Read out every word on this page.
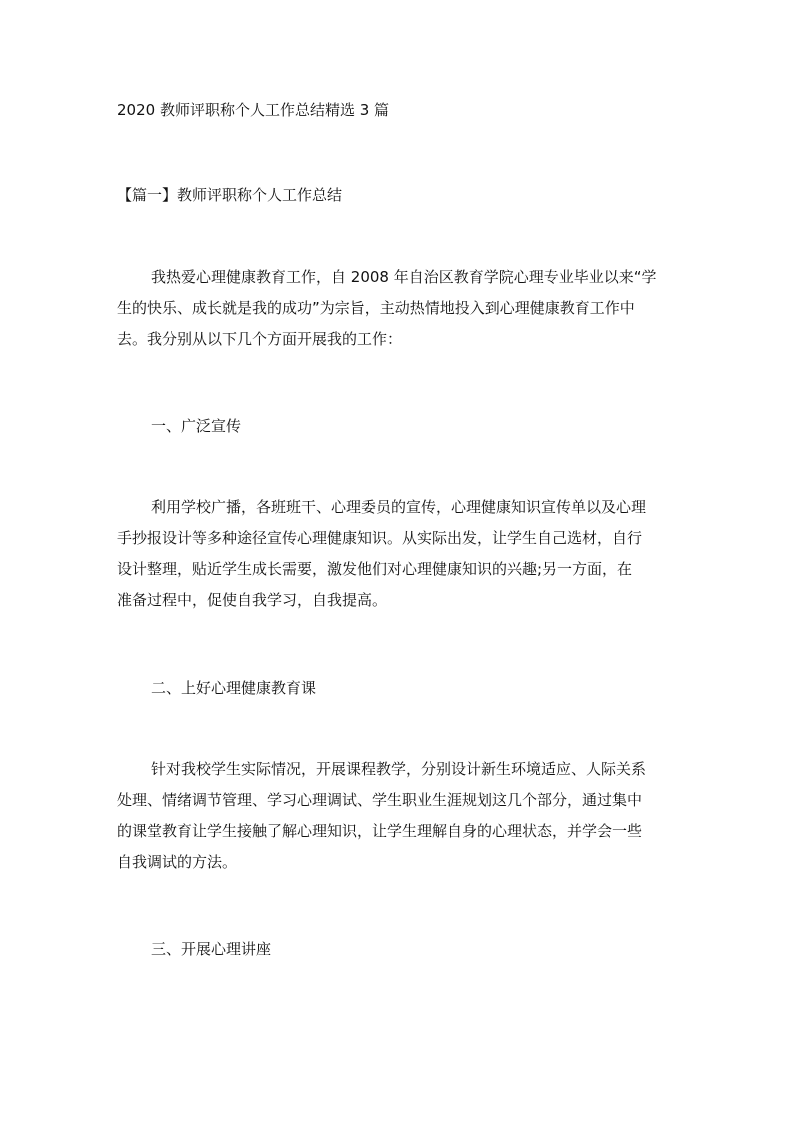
2020 教师评职称个人工作总结精选 3 篇
【篇一】教师评职称个人工作总结
我热爱心理健康教育工作，自 2008 年自治区教育学院心理专业毕业以来“学
生的快乐、成长就是我的成功”为宗旨，主动热情地投入到心理健康教育工作中
去。我分别从以下几个方面开展我的工作：
一、广泛宣传
利用学校广播，各班班干、心理委员的宣传，心理健康知识宣传单以及心理
手抄报设计等多种途径宣传心理健康知识。从实际出发，让学生自己选材，自行
设计整理，贴近学生成长需要，激发他们对心理健康知识的兴趣;另一方面，在
准备过程中，促使自我学习，自我提高。
二、上好心理健康教育课
针对我校学生实际情况，开展课程教学，分别设计新生环境适应、人际关系
处理、情绪调节管理、学习心理调试、学生职业生涯规划这几个部分，通过集中
的课堂教育让学生接触了解心理知识，让学生理解自身的心理状态，并学会一些
自我调试的方法。
三、开展心理讲座
